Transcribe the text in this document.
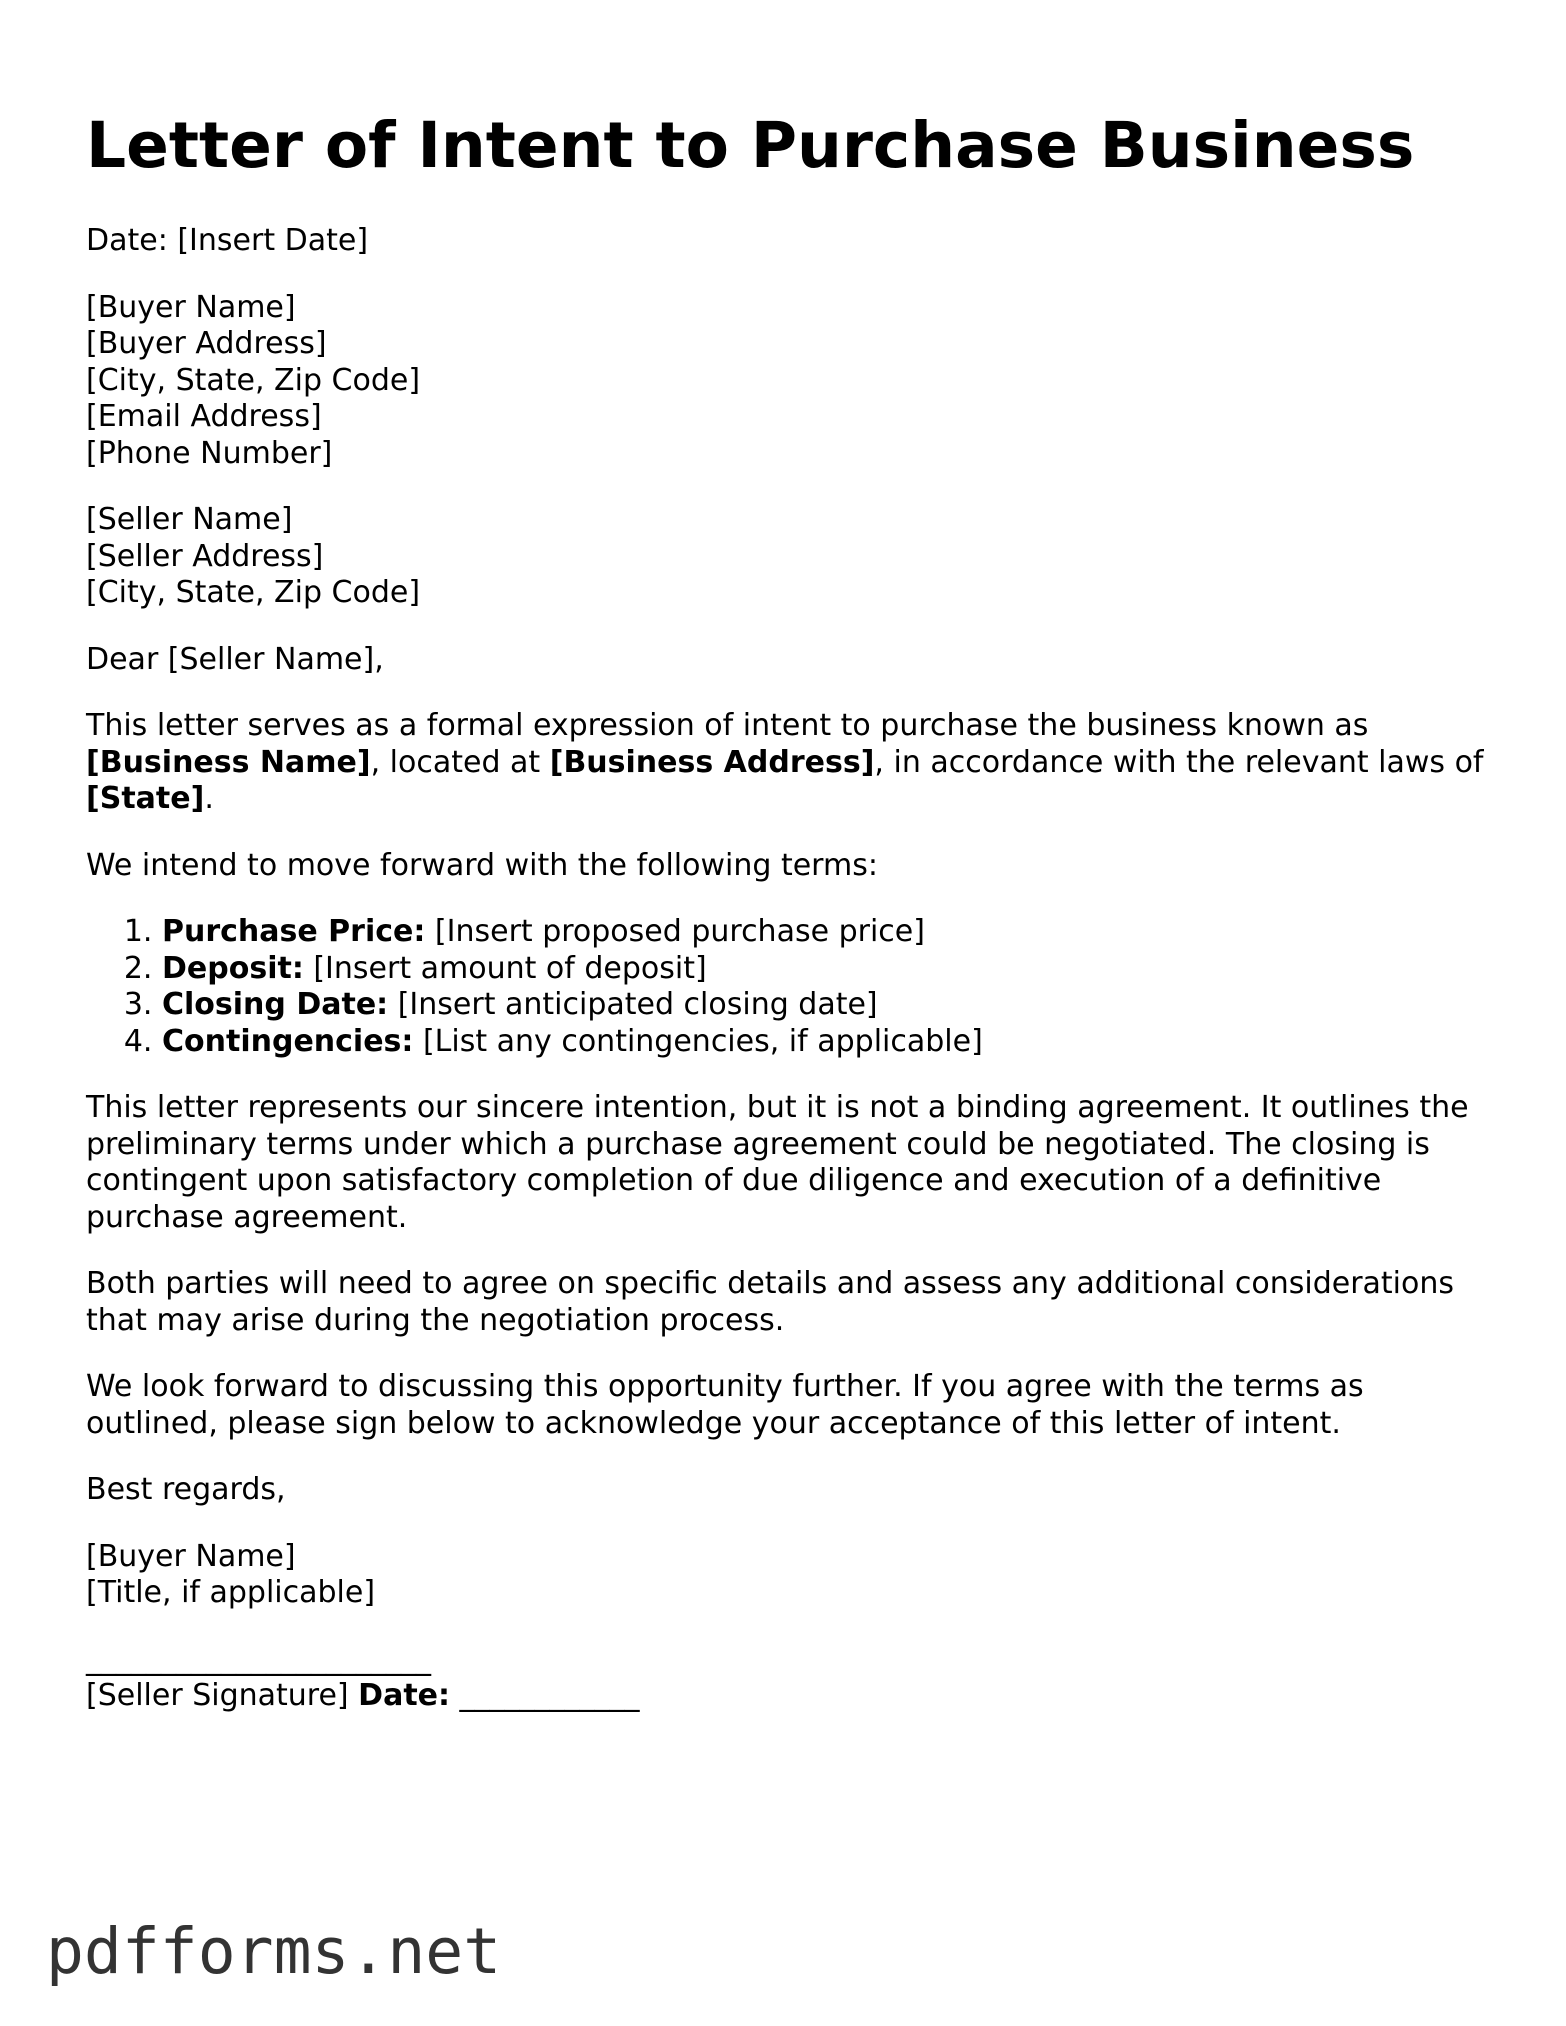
Letter of Intent to Purchase Business

Date: [Insert Date]

[Buyer Name]
[Buyer Address]
[City, State, Zip Code]
[Email Address]
[Phone Number]

[Seller Name]
[Seller Address]
[City, State, Zip Code]

Dear [Seller Name],

This letter serves as a formal expression of intent to purchase the business known as [Business Name], located at [Business Address], in accordance with the relevant laws of [State].

We intend to move forward with the following terms:

1. Purchase Price: [Insert proposed purchase price]
2. Deposit: [Insert amount of deposit]
3. Closing Date: [Insert anticipated closing date]
4. Contingencies: [List any contingencies, if applicable]

This letter represents our sincere intention, but it is not a binding agreement. It outlines the preliminary terms under which a purchase agreement could be negotiated. The closing is contingent upon satisfactory completion of due diligence and execution of a definitive purchase agreement.

Both parties will need to agree on specific details and assess any additional considerations that may arise during the negotiation process.

We look forward to discussing this opportunity further. If you agree with the terms as outlined, please sign below to acknowledge your acceptance of this letter of intent.

Best regards,

[Buyer Name]
[Title, if applicable]

_______________________
[Seller Signature] Date: ____________

pdfforms.net
